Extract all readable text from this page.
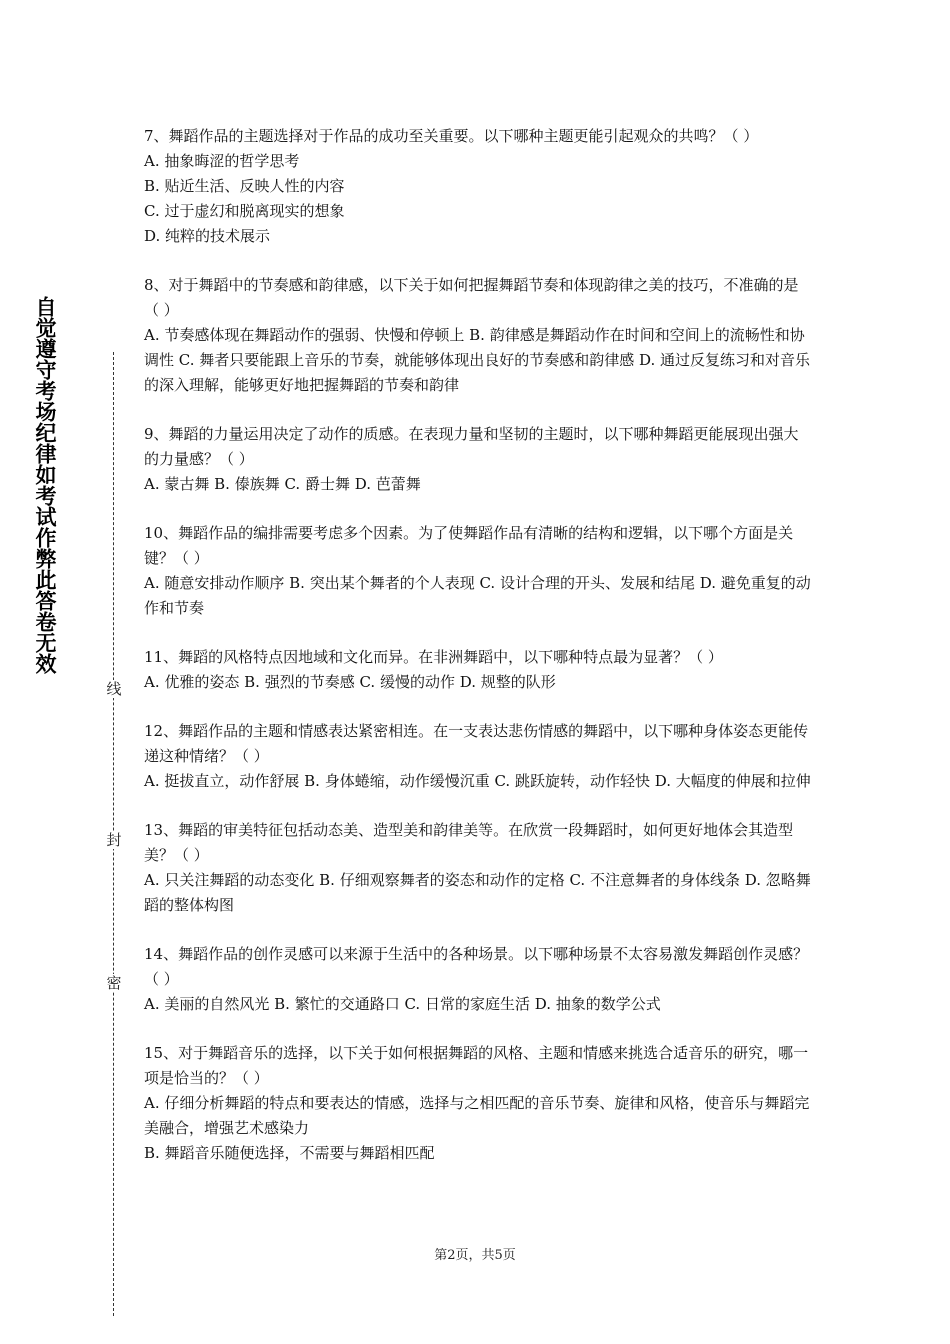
自觉遵守考场纪律如考试作弊此答卷无效
线
封
密

7、舞蹈作品的主题选择对于作品的成功至关重要。以下哪种主题更能引起观众的共鸣？（ ）

A. 抽象晦涩的哲学思考

B. 贴近生活、反映人性的内容

C. 过于虚幻和脱离现实的想象

D. 纯粹的技术展示

8、对于舞蹈中的节奏感和韵律感，以下关于如何把握舞蹈节奏和体现韵律之美的技巧，不准确的是（ ）

A. 节奏感体现在舞蹈动作的强弱、快慢和停顿上 B. 韵律感是舞蹈动作在时间和空间上的流畅性和协调性 C. 舞者只要能跟上音乐的节奏，就能够体现出良好的节奏感和韵律感 D. 通过反复练习和对音乐的深入理解，能够更好地把握舞蹈的节奏和韵律

9、舞蹈的力量运用决定了动作的质感。在表现力量和坚韧的主题时，以下哪种舞蹈更能展现出强大的力量感？（ ）

A. 蒙古舞 B. 傣族舞 C. 爵士舞 D. 芭蕾舞

10、舞蹈作品的编排需要考虑多个因素。为了使舞蹈作品有清晰的结构和逻辑，以下哪个方面是关键？（ ）

A. 随意安排动作顺序 B. 突出某个舞者的个人表现 C. 设计合理的开头、发展和结尾 D. 避免重复的动作和节奏

11、舞蹈的风格特点因地域和文化而异。在非洲舞蹈中，以下哪种特点最为显著？（ ）

A. 优雅的姿态 B. 强烈的节奏感 C. 缓慢的动作 D. 规整的队形

12、舞蹈作品的主题和情感表达紧密相连。在一支表达悲伤情感的舞蹈中，以下哪种身体姿态更能传递这种情绪？（ ）

A. 挺拔直立，动作舒展 B. 身体蜷缩，动作缓慢沉重 C. 跳跃旋转，动作轻快 D. 大幅度的伸展和拉伸

13、舞蹈的审美特征包括动态美、造型美和韵律美等。在欣赏一段舞蹈时，如何更好地体会其造型美？（ ）

A. 只关注舞蹈的动态变化 B. 仔细观察舞者的姿态和动作的定格 C. 不注意舞者的身体线条 D. 忽略舞蹈的整体构图

14、舞蹈作品的创作灵感可以来源于生活中的各种场景。以下哪种场景不太容易激发舞蹈创作灵感？（ ）

A. 美丽的自然风光 B. 繁忙的交通路口 C. 日常的家庭生活 D. 抽象的数学公式

15、对于舞蹈音乐的选择，以下关于如何根据舞蹈的风格、主题和情感来挑选合适音乐的研究，哪一项是恰当的？（ ）

A. 仔细分析舞蹈的特点和要表达的情感，选择与之相匹配的音乐节奏、旋律和风格，使音乐与舞蹈完美融合，增强艺术感染力

B. 舞蹈音乐随便选择，不需要与舞蹈相匹配

第2页，共5页
